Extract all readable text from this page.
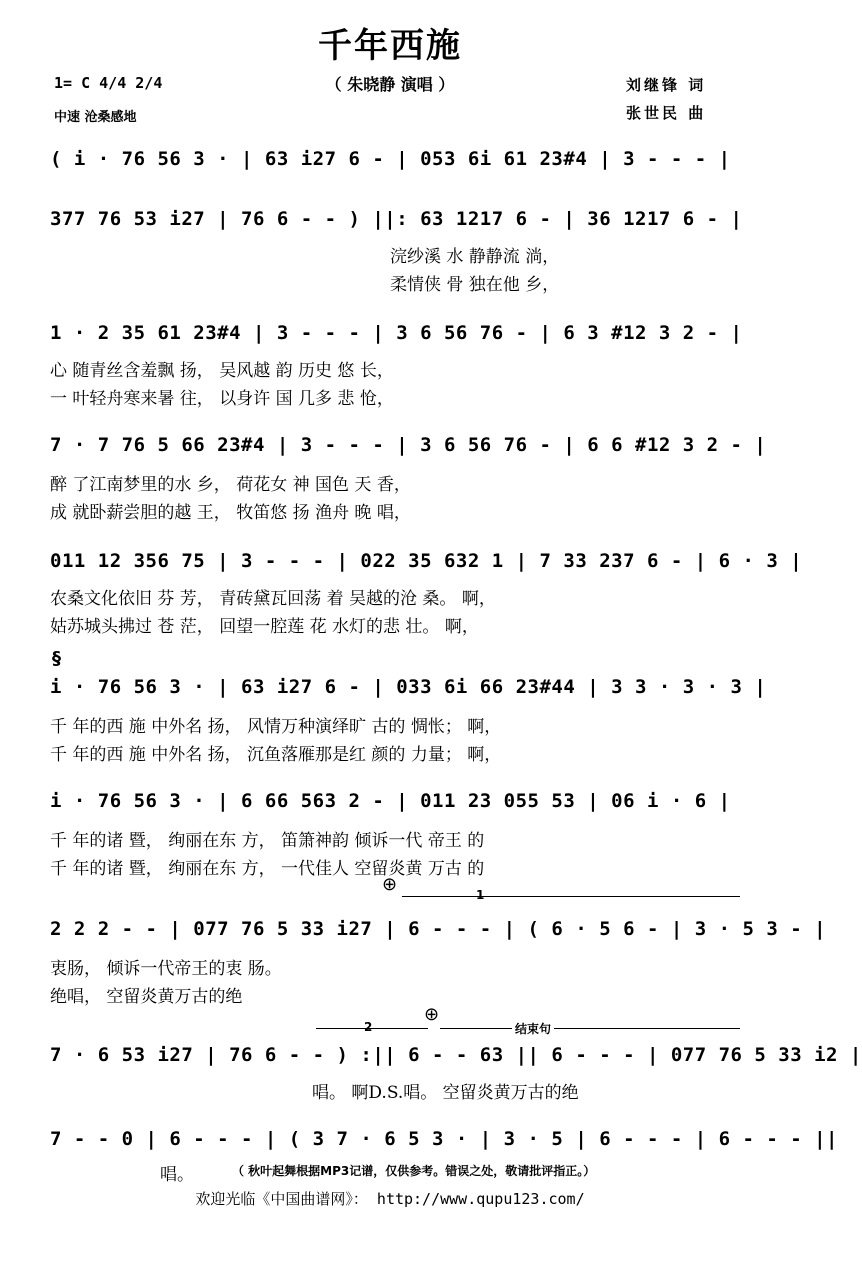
千年西施
（ 朱晓静 演唱 ）
1= C 4/4 2/4
中速 沧桑感地
刘继锋 词
张世民 曲
( i · 76 56 3 · | 63 i27 6 - | 053 6i 61 23#4 | 3 - - - |
377 76 53 i27 | 76 6 - - ) ||: 63 1217 6 - | 36 1217 6 - |
浣纱溪 水 静静流 淌，
柔情侠 骨 独在他 乡，
1 · 2 35 61 23#4 | 3 - - - | 3 6 56 76 - | 6 3 #12 3 2 - |
心 随青丝含羞飘 扬， 吴风越 韵 历史 悠 长，
一 叶轻舟寒来暑 往， 以身许 国 几多 悲 怆，
7 · 7 76 5 66 23#4 | 3 - - - | 3 6 56 76 - | 6 6 #12 3 2 - |
醉 了江南梦里的水 乡， 荷花女 神 国色 天 香，
成 就卧薪尝胆的越 王， 牧笛悠 扬 渔舟 晚 唱，
011 12 356 75 | 3 - - - | 022 35 632 1 | 7 33 237 6 - | 6 · 3 |
农桑文化依旧 芬 芳， 青砖黛瓦回荡 着 吴越的沧 桑。 啊，
姑苏城头拂过 苍 茫， 回望一腔莲 花 水灯的悲 壮。 啊，
§
i · 76 56 3 · | 63 i27 6 - | 033 6i 66 23#44 | 3 3 · 3 · 3 |
千 年的西 施 中外名 扬， 风情万种演绎旷 古的 惆怅； 啊，
千 年的西 施 中外名 扬， 沉鱼落雁那是红 颜的 力量； 啊，
i · 76 56 3 · | 6 66 563 2 - | 011 23 055 53 | 06 i · 6 |
千 年的诸 暨， 绚丽在东 方， 笛箫神韵 倾诉一代 帝王 的
千 年的诸 暨， 绚丽在东 方， 一代佳人 空留炎黄 万古 的
⊕	1
2 2 2 - - | 077 76 5 33 i27 | 6 - - - | ( 6 · 5 6 - | 3 · 5 3 - |
衷肠， 倾诉一代帝王的衷 肠。
绝唱， 空留炎黄万古的绝
⊕
2	结束句
7 · 6 53 i27 | 76 6 - - ) :|| 6 - - 63 || 6 - - - | 077 76 5 33 i2 |
唱。 啊D.S.唱。 空留炎黄万古的绝
7 - - 0 | 6 - - - | ( 3 7 · 6 5 3 · | 3 · 5 | 6 - - - | 6 - - - ||
唱。	（ 秋叶起舞根据MP3记谱，仅供参考。错误之处，敬请批评指正。）
欢迎光临《中国曲谱网》： http://www.qupu123.com/
